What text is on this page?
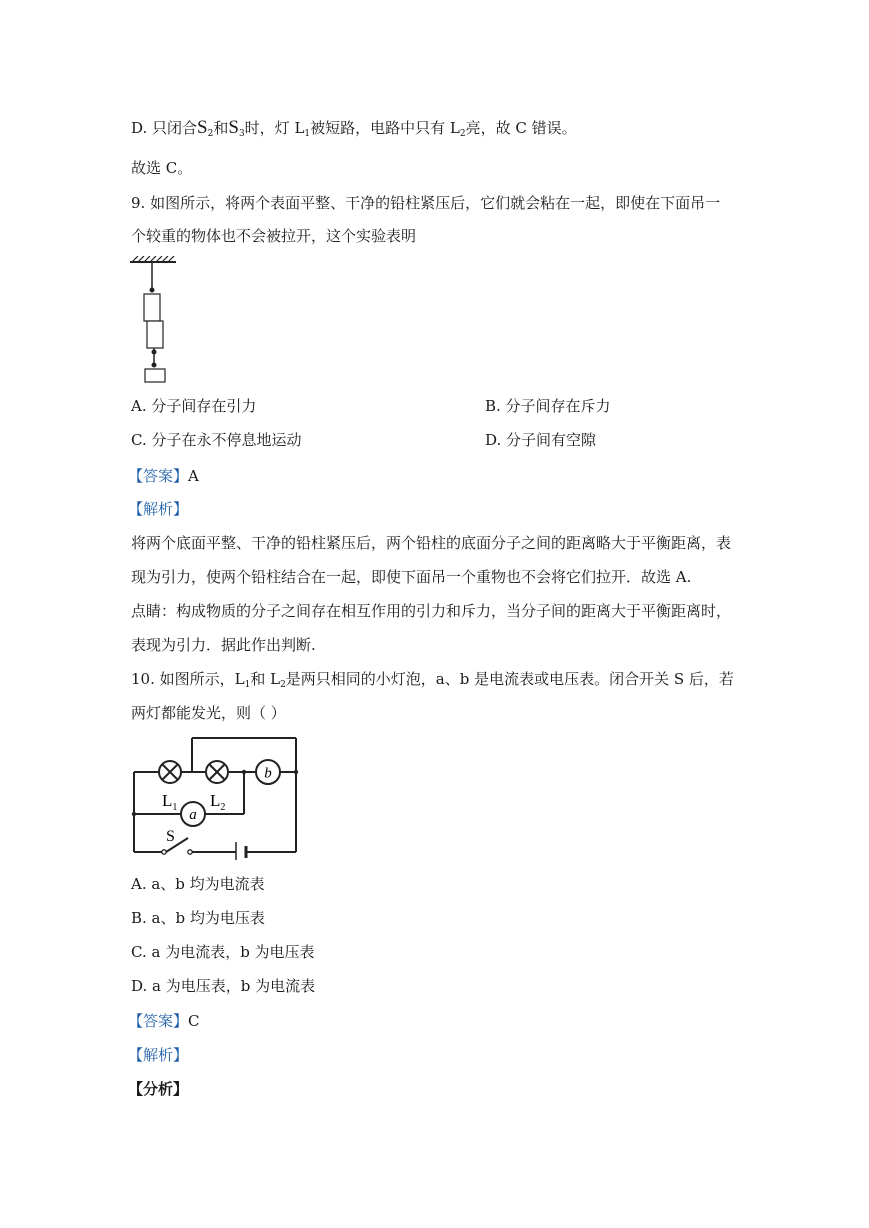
D. 只闭合$S_2$和$S_3$时，灯 $L_1$被短路，电路中只有 $L_2$亮，故 C 错误。
故选 C。
9. 如图所示，将两个表面平整、干净的铅柱紧压后，它们就会粘在一起，即使在下面吊一
个较重的物体也不会被拉开，这个实验表明
A. 分子间存在引力	B. 分子间存在斥力
C. 分子在永不停息地运动	D. 分子间有空隙
【答案】A
【解析】
将两个底面平整、干净的铅柱紧压后，两个铅柱的底面分子之间的距离略大于平衡距离，表
现为引力，使两个铅柱结合在一起，即使下面吊一个重物也不会将它们拉开．故选 A.
点睛：构成物质的分子之间存在相互作用的引力和斥力，当分子间的距离大于平衡距离时，
表现为引力．据此作出判断.
10. 如图所示，$L_1$和 $L_2$是两只相同的小灯泡，a、b 是电流表或电压表。闭合开关 S 后，若
两灯都能发光，则（ ）
b
a
$L_1$ $L_2$
S
A. a、b 均为电流表
B. a、b 均为电压表
C. a 为电流表，b 为电压表
D. a 为电压表，b 为电流表
【答案】C
【解析】
【分析】
